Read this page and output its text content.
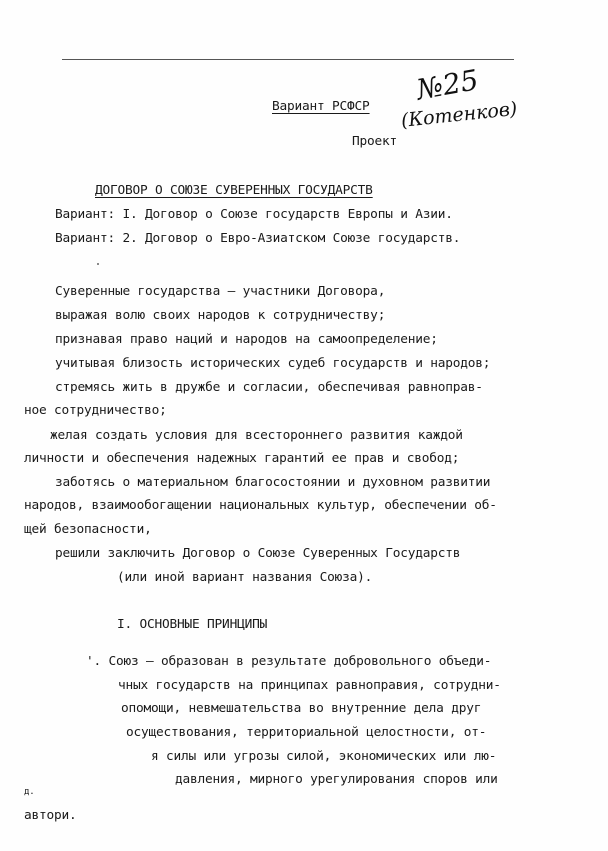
Вариант РСФСР
Проект
№25
(Котенков)
ДОГОВОР О СОЮЗЕ СУВЕРЕННЫХ ГОСУДАРСТВ
Вариант: I. Договор о Союзе государств Европы и Азии.
Вариант: 2. Договор о Евро-Азиатском Союзе государств.
Суверенные государства – участники Договора,
выражая волю своих народов к сотрудничеству;
признавая право наций и народов на самоопределение;
учитывая близость исторических судеб государств и народов;
стремясь жить в дружбе и согласии, обеспечивая равноправ-
ное сотрудничество;
желая создать условия для всестороннего развития каждой
личности и обеспечения надежных гарантий ее прав и свобод;
заботясь о материальном благосостоянии и духовном развитии
народов, взаимообогащении национальных культур, обеспечении об-
щей безопасности,
решили заключить Договор о Союзе Суверенных Государств
(или иной вариант названия Союза).
I. ОСНОВНЫЕ ПРИНЦИПЫ
'. Союз – образован в результате добровольного объеди-
чных государств на принципах равноправия, сотрудни-
опомощи, невмешательства во внутренние дела друг
осуществования, территориальной целостности, от-
я силы или угрозы силой, экономических или лю-
давления, мирного урегулирования споров или
д.
автори.
